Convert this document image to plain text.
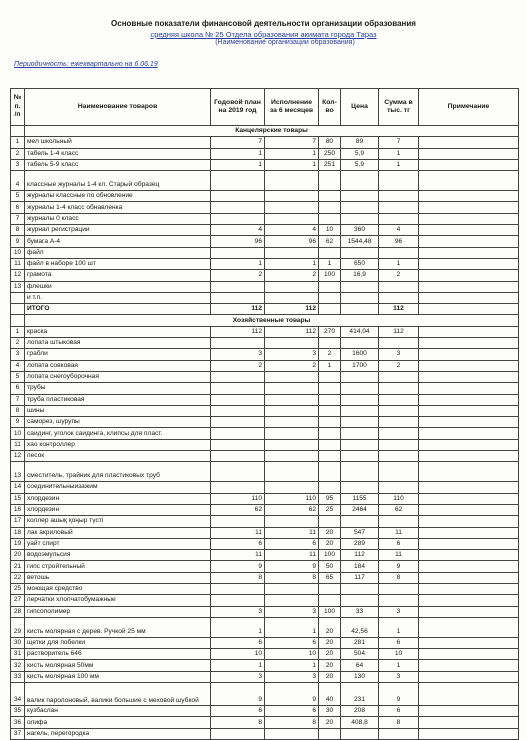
Основные показатели финансовой деятельности организации образования
средняя школа № 25 Отдела образования акимата города Тараз
(Наименование организации образования)
Периодичность: ежеквартально на 6.06.19
№ п. /п	Наименование товаров	Годовой план на 2019 год	Исполнение за 6 месяцев	Кол-во	Цена	Сумма в тыс. тг	Примечание
	Канцелярские товары						
1	мел школьный	7	7	80	89	7	
2	табель 1-4 класс	1	1	250	5,9	1	
3	табель 5-9 класс	1	1	251	5,9	1	
4	классные журналы 1-4 кл. Старый образец						
5	журналы классные по обновление						
6	журналы 1-4 класс обнавленка						
7	журналы 0 класс						
8	журнал регистрации	4	4	10	360	4	
9	бумага А-4	96	96	62	1544,48	96	
10	файл						
11	файл в наборе 100 шт	1	1	1	650	1	
12	грамота	2	2	100	16,9	2	
13	флешки						
	и т.п.						
	ИТОГО	112	112			112	
	Хозяйственные товары						
1	краска	112	112	270	414,04	112	
2	лопата штыковая						
3	грабли	3	3	2	1600	3	
4	лопата совковая	2	2	1	1700	2	
5	лопата снегоуборочная						
6	трубы						
7	труба пластиковая						
8	шины						
9	саморез, шурупы						
10	саидинг, уголок саидинга, клипсы для пласт.						
11	хао контроллер						
12	песок						
13	сместитель, трайник для пластиковых труб						
14	соединительныизажим						
15	хлордезин	110	110	95	1155	110	
16	хлордезин	62	62	25	2464	62	
17	коллер ашық қоңыр түсті						
18	лак акриловый	11	11	20	547	11	
19	уайт спирт	6	6	20	289	6	
20	водоэмульсия	11	11	100	112	11	
21	гипс стройтельный	9	9	50	184	9	
22	ветошь	8	8	65	117	8	
25	моющая средство						
27	перчатки хлопчатобумажные						
28	гипсополимер	3	3	100	33	3	
29	кисть молярная с дерев. Ручкой 25 мм	1	1	20	42,56	1	
30	щетки для побелки	6	6	20	281	6	
31	растворитель 646	10	10	20	504	10	
32	кисть молярная 50мм	1	1	20	64	1	
33	кисть молярная 100 мм	3	3	20	130	3	
34	валик паролоновый, валики большие с меховой шубкой	9	9	40	231	9	
35	кузбаслан	6	6	30	208	6	
36	олифа	8	8	20	408,8	8	
37	нагель, перегородка						
